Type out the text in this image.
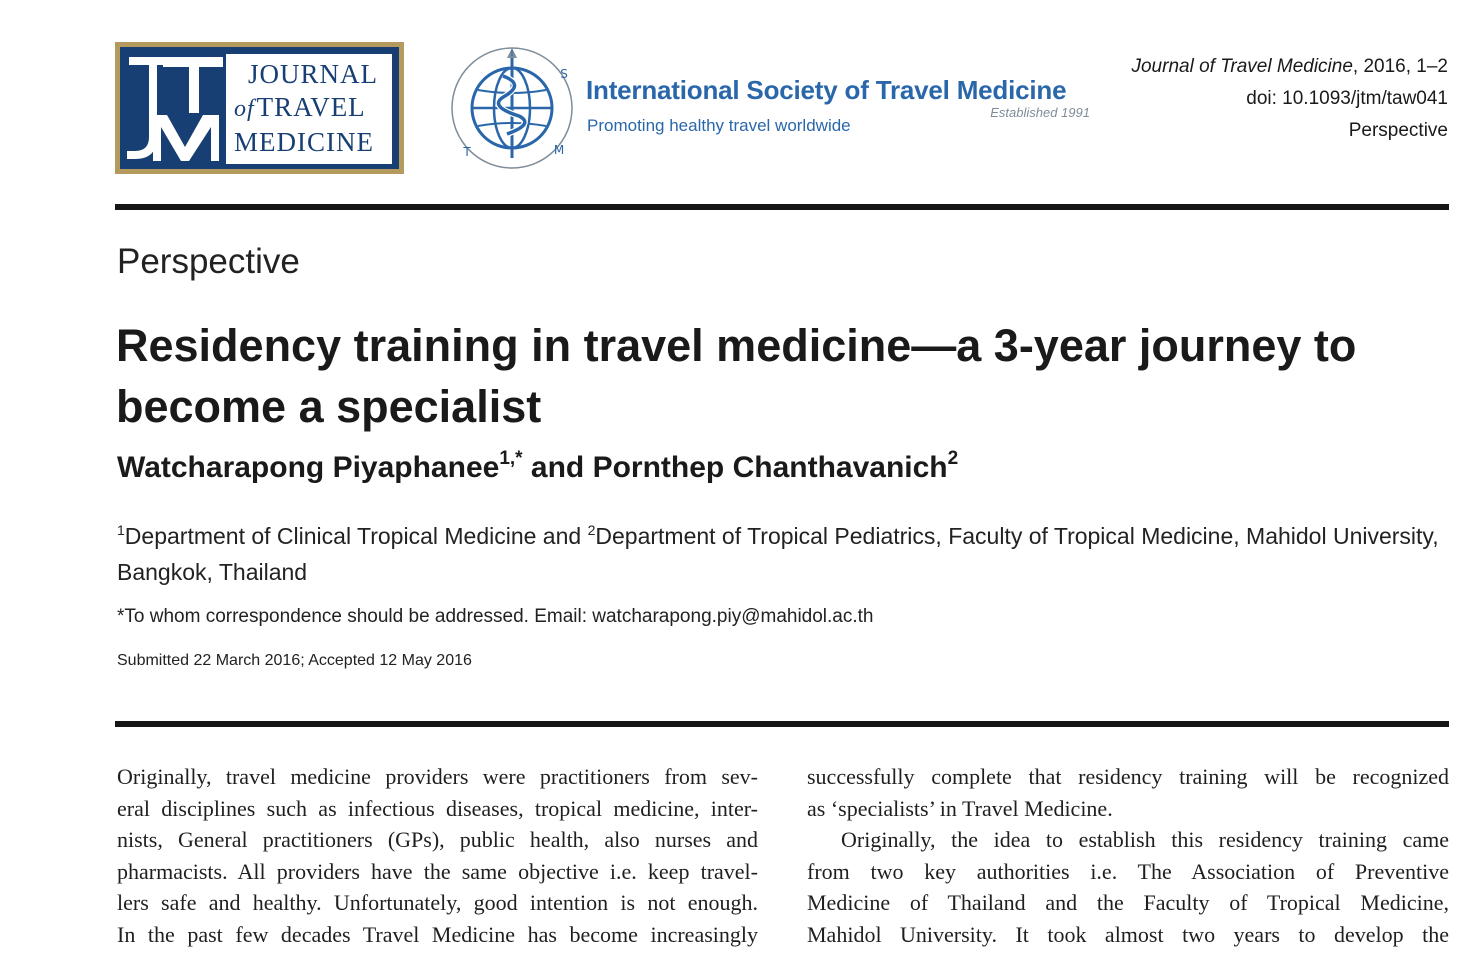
JOURNAL
ofTRAVEL
MEDICINE
I
S
T	M
International Society of Travel Medicine
Established 1991
Promoting healthy travel worldwide
Journal of Travel Medicine, 2016, 1–2
doi: 10.1093/jtm/taw041
Perspective
Perspective
Residency training in travel medicine—a 3-year journey to become a specialist
Watcharapong Piyaphanee$^{1,*}$ and Pornthep Chanthavanich$^2$
$^1$Department of Clinical Tropical Medicine and $^2$Department of Tropical Pediatrics, Faculty of Tropical Medicine, Mahidol University, Bangkok, Thailand
*To whom correspondence should be addressed. Email: watcharapong.piy@mahidol.ac.th
Submitted 22 March 2016; Accepted 12 May 2016
Originally, travel medicine providers were practitioners from sev-
eral disciplines such as infectious diseases, tropical medicine, inter-
nists, General practitioners (GPs), public health, also nurses and
pharmacists. All providers have the same objective i.e. keep travel-
lers safe and healthy. Unfortunately, good intention is not enough.
In the past few decades Travel Medicine has become increasingly
successfully complete that residency training will be recognized
as ‘specialists’ in Travel Medicine.
Originally, the idea to establish this residency training came
from two key authorities i.e. The Association of Preventive
Medicine of Thailand and the Faculty of Tropical Medicine,
Mahidol University. It took almost two years to develop the
